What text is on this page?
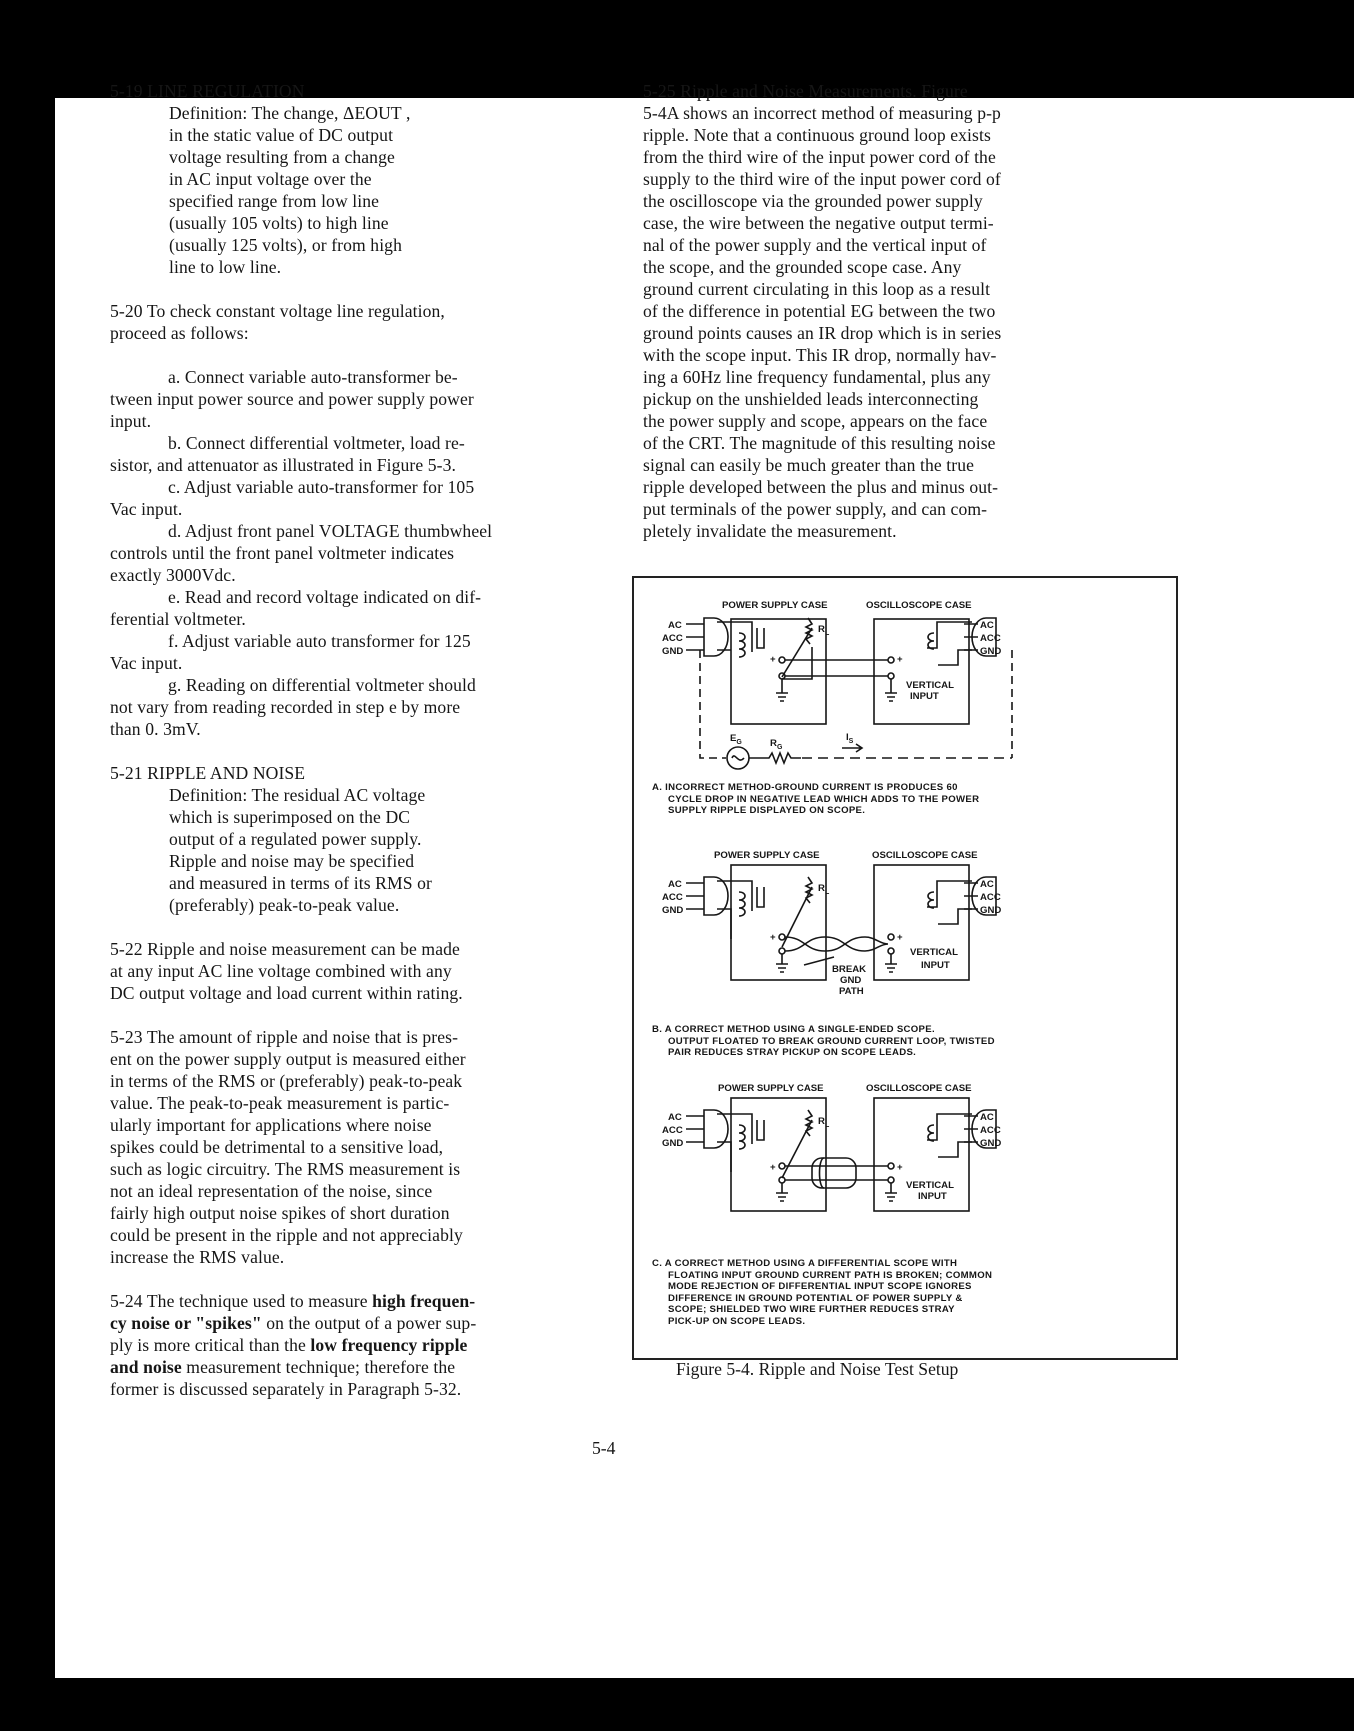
5-19 LINE REGULATION

Definition: The change, ΔEOUT ,

in the static value of DC output

voltage resulting from a change

in AC input voltage over the

specified range from low line

(usually 105 volts) to high line

(usually 125 volts), or from high

line to low line.

5-20 To check constant voltage line regulation,

proceed as follows:

a. Connect variable auto-transformer be-

tween input power source and power supply power

input.

b. Connect differential voltmeter, load re-

sistor, and attenuator as illustrated in Figure 5-3.

c. Adjust variable auto-transformer for 105

Vac input.

d. Adjust front panel VOLTAGE thumbwheel

controls until the front panel voltmeter indicates

exactly 3000Vdc.

e. Read and record voltage indicated on dif-

ferential voltmeter.

f. Adjust variable auto transformer for 125

Vac input.

g. Reading on differential voltmeter should

not vary from reading recorded in step e by more

than 0. 3mV.

5-21 RIPPLE AND NOISE

Definition: The residual AC voltage

which is superimposed on the DC

output of a regulated power supply.

Ripple and noise may be specified

and measured in terms of its RMS or

(preferably) peak-to-peak value.

5-22 Ripple and noise measurement can be made

at any input AC line voltage combined with any

DC output voltage and load current within rating.

5-23 The amount of ripple and noise that is pres-

ent on the power supply output is measured either

in terms of the RMS or (preferably) peak-to-peak

value. The peak-to-peak measurement is partic-

ularly important for applications where noise

spikes could be detrimental to a sensitive load,

such as logic circuitry. The RMS measurement is

not an ideal representation of the noise, since

fairly high output noise spikes of short duration

could be present in the ripple and not appreciably

increase the RMS value.

5-24 The technique used to measure high frequen-

cy noise or "spikes" on the output of a power sup-

ply is more critical than the low frequency ripple

and noise measurement technique; therefore the

former is discussed separately in Paragraph 5-32.

5-25 Ripple and Noise Measurements. Figure

5-4A shows an incorrect method of measuring p-p

ripple. Note that a continuous ground loop exists

from the third wire of the input power cord of the

supply to the third wire of the input power cord of

the oscilloscope via the grounded power supply

case, the wire between the negative output termi-

nal of the power supply and the vertical input of

the scope, and the grounded scope case. Any

ground current circulating in this loop as a result

of the difference in potential EG between the two

ground points causes an IR drop which is in series

with the scope input. This IR drop, normally hav-

ing a 60Hz line frequency fundamental, plus any

pickup on the unshielded leads interconnecting

the power supply and scope, appears on the face

of the CRT. The magnitude of this resulting noise

signal can easily be much greater than the true

ripple developed between the plus and minus out-

put terminals of the power supply, and can com-

pletely invalidate the measurement.

POWER SUPPLY CASE	OSCILLOSCOPE CASE
AC
ACC
GND
AC
ACC
GND
$R_L$
+	+
VERTICAL
INPUT
$E_G$	$R_G$
$I_S$
POWER SUPPLY CASE	OSCILLOSCOPE CASE
AC
ACC
GND
AC
ACC
GND
$R_L$
+	+
VERTICAL
INPUT
BREAK
GND
PATH
POWER SUPPLY CASE	OSCILLOSCOPE CASE
AC
ACC
GND
AC
ACC
GND
$R_L$
+	+
VERTICAL
INPUT
A. INCORRECT METHOD-GROUND CURRENT IS PRODUCES 60
CYCLE DROP IN NEGATIVE LEAD WHICH ADDS TO THE POWER
SUPPLY RIPPLE DISPLAYED ON SCOPE.
B. A CORRECT METHOD USING A SINGLE-ENDED SCOPE.
OUTPUT FLOATED TO BREAK GROUND CURRENT LOOP, TWISTED
PAIR REDUCES STRAY PICKUP ON SCOPE LEADS.
C. A CORRECT METHOD USING A DIFFERENTIAL SCOPE WITH
FLOATING INPUT GROUND CURRENT PATH IS BROKEN; COMMON
MODE REJECTION OF DIFFERENTIAL INPUT SCOPE IGNORES
DIFFERENCE IN GROUND POTENTIAL OF POWER SUPPLY &
SCOPE; SHIELDED TWO WIRE FURTHER REDUCES STRAY
PICK-UP ON SCOPE LEADS.
Figure 5-4. Ripple and Noise Test Setup
5-4
